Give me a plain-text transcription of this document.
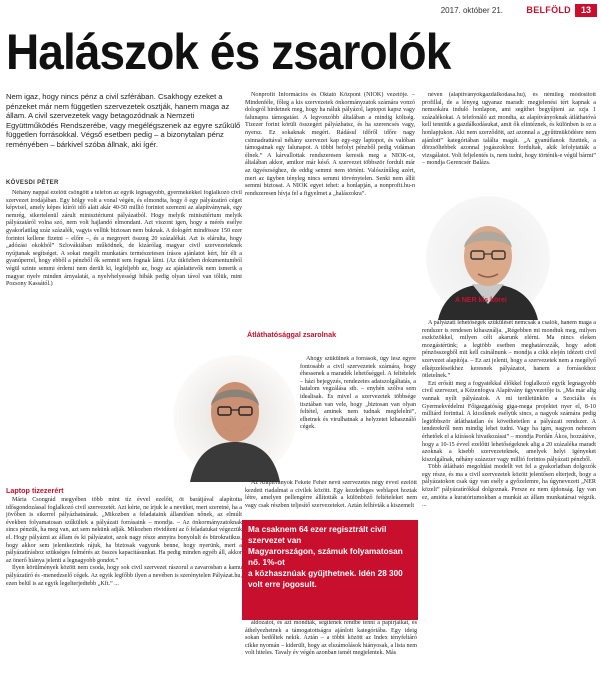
2017. október 21.	BELFÖLD	13
Halászok és zsarolók
Nem igaz, hogy nincs pénz a civil szférában. Csakhogy ezeket a pénzeket már nem független szervezetek osztják, hanem maga az állam. A civil szervezetek vagy betagozódnak a Nemzeti Együttműködés Rendszerébe, vagy megélégszenek az egyre szűkülő független forrásokkal. Végső esetben pedig – a bizonytalan pénz reményében – bárkivel szóba állnak, aki ígér.
KÖVESDI PÉTER

Néhány nappal ezelőtt csöngött a telefon az egyik legnagyobb, gyermekekkel foglalkozó civil szervezet irodájában. Egy hölgy volt a vonal végén, és elmondta, hogy ő egy pályázatíró céget képvisel, amely képes kiírói idő alatt akár 40-50 millió forintot szerezni az alapítványnak, egy nemrég, sikertelenül zárult minisztériumi pályázatból. Hogy melyik minisztérium melyik pályázatáról volna szó, nem volt hajlandó elmondani. Azt viszont igen, hogy a mérés esélye gyakorlatilag száz százalék, vagyis vellük biztosan nem buknak. A dologért mindössze 150 ezer forintot kellene fizetni – előre –, és a megnyert összeg 20 százalékát. Azt is elárulta, hogy „adózási okokból” Szlovákiában működnek, de kizárólag magyar civil szervezeteknek nyújtanak segítséget. A sokat megélt munkatárs természetesen írásos ajánlatot kért, hír élt a gyanúperrel, hogy ebből a pénzből ők semmit sem fognak látni. (Az útközben dokumentumból végül szinte semmi érdemi nem derült ki, legfeljebb az, hogy az ajánlattevők nem ismerik a magyar nyelv minden árnyalatát, a nyelvhelyességi hibák pedig olyan távol van tőlük, mint Pozsony Kassától.)

Laptop tizezerért

Mária Csongrád megyében több mint tíz évvel ezelőtt, öt barátjával alapította idősgondozással foglalkozó civil szervezetét. Azt kérte, ne írjuk le a nevüket, mert szeretné, ha a jövőben is sikerrel pályázhatnának. „Mikozben a feladataink állandóan nőnek, az elmúlt években folyamatosan szűkültek a pályázati forrásaink – mondja. – Az önkormányzatoknak sincs pénzük, ha meg van, azt sem nekünk adják. Mikozben rövidíteni az ő feladatukat végezzük el. Hogy pályázni az állam és ki pályázatot, azok nagy része annyira bonyolult és bürokratikus, hogy akkor sem jelentkezünk rájuk, ha biztosak vagyunk benne, hogy nyerünk, mert a pályázatíráshoz szükséges felmérés az összes kapacitásunkat. Ha pedig minden egyéb áll, akkor az önerő hiánya jelenti a legnagyobb gondot.”

Ilyen körülmények között nem csoda, hogy sok civil szervezet rászorul a zavarosban a kamu pályázatíró és -menedzselő cégek. Az egyik legfőbb ilyen a nevében is szerénytelen Pályázat.hu, ezen belül is az egyik legelterjedtebb „Kft.” ...

Nonprofit Információs és Oktató Központ (NIOK) vezetője. – Mindenféle, főleg a kis szervezetek önkormányzatok számára vonzó dologról hirdetnek meg, hogy ha náluk pályázol, laptopot kapsz vagy falunapra támogatást. A legvonzóbb általában a mindig költség. Tizezer forint körüli összegért pályázhatsz, és ha szerencsés vagy, nyersz. Ez sokaknak megéri. Rádásul időről időre nagy csinnadrattával néhány szervezet kap egy-egy laptopot, és valóban támogatnak egy falunapot. A többi befolyt pénzből pedig vidáman élnek.” A kárvallottak rendszeresen keresik meg a NIOK-ot, általában akkor, amikor már késő. A szervezet többször fordult már az ügyészséghez, de eddig semmi nem történt. Valószínűleg azért, mert az ügyben tényleg nincs semmi törvénytelen. Senki nem állít semmi biztosat. A NIOK egyet tehet: a honlapján, a nonprofit.hu-n rendszeresen hívja fel a figyelmet a „halászokra”.

A NER kis körei
Átláthatósággal zsarolnak

Ahogy szűkülnek a források, úgy lesz egyre fontosabb a civil szervezetek számára, hogy éhessenek a maradék lehetőséggel. A feltételek – házi bejegyzés, rendezetes adatszolgáltatás, a hatalom vegzálása stb. – enyhén szólva sem idealisak. És mivel a szervezetek többsége tisztában van vele, hogy „biztosan van olyan feltétel, aminek nem tudnak megfelelni”, elhetnek és virulhatnak a helyzetet kihasználó cégek.

Az Alapítványok Fekete Fehér nevű szervezetés négy évvel ezelőtt kezdett riadalmat a civilek között. Egy kezdetleges weblapot hoztak létre, amelyen pellengérre állították a különböző feltételeket nem vagy csak részben teljesítő szervezeteket. Aztán felhívták a kiszemelt

Ma csaknem 64 ezer regisztrált civil szervezet van
Magyarországon, számuk folyamatosan nő. 1%-ot
a közhasznúak gyűjthetnek. Idén 28 300 volt erre jogosult.

áldozatot, és azt mondták, segítenek rendbe tenni a papírjaikat, és áthelyezhetnek a támogatottságra ajánlott kategóriába. Egy ideig sokan bedőltek nekik. Aztán – a többi között az Index tényfeltáró cikke nyomán – kiderült, hogy az elszámolások hiányosak, a lista nem volt hiteles. Tavaly év végén azonban ismét megjelentek. Más

néven (alapítványokgazdálkodasa.hu), és némileg módosított profillal, de a lényeg ugyanaz maradt: megjelenési tért kapnak a nemsokára induló honlapon, ami segíthet begyűjteni az szja 1 százalékokat. A telefonáló azt mondta, az alapítványoknak átláthatóvá kell tenniük a gazdálkodásukat, amit ők elintéznek, és különben is ez a honlapjukon. Aki nem szerződött, azt azonnal a „gyűttmüködésre nem ajánlott” kategóriában találta magát. „A gyanútlanok fizettek, a dörzsöltebbek azonnal jogászokhoz fordultak, akik lefolytatták a vizsgálatot. Volt feljelentés is, nem tudni, hogy történik-e végül bármi” – mondja Gerencsér Balázs.

A pályázati lehetőségek szűkülését nemcsak a csalók, hanem maga a rendszer is rendesen kihasználja. „Régebben mi mondtuk meg, milyen eszközökkel, milyen célt akarunk elérni. Ma nincs eleken mozgástérünk; a legtöbb esetben meghatározzák, hogy adott pénzösszegből mit kell csinálnunk – mondja a cikk elején idézett civil szervezet alapítója. – Ez azt jelenti, hogy a szervezetek nem a megélyő elképzeléseikhez keresnek pályázatot, hanem a forrásokhoz ötletelnek.”

Ezt erősíti meg a fogyatékkal élőkkel foglalkozó egyik legnagyobb civil szervezet, a Kézenfogva Alapítvány ügyvezetője is. „Ma már alig vannak nyílt pályázatok. A mi területünkön a Szociális és Gyermekvédelmi Főigazgatóság giga-mega projektet nyer el, 8-10 milliárd forinttal. A kicsiknek esélyük sincs, a nagyok számára pedig legtöbbször átláthatatlan és követhetetlen a pályázati rendszer. A tenderekről nem mindig lehet tudni. Vagy ha igen, nagyon nehezen érhetőek el a kiírások hivatkozásai” – mondja Pordán Ákos, hozzátéve, hogy a 10-15 évvel ezelőtti lehetőségeknek alig a 20 százaléka maradt azoknak a kisebb szervezeteknek, amelyek helyi igényeket kiszolgálnak, néhány százezer vagy millió forintos pályázati pénzből.

Több átlátható megoldási modellt vet fel a gyakorlatban dolgozók egy része, és ma a civil szervezetek között jelentősen elterjedt, hogy a pályázatokon csak úgy van esély a győzelemre, ha úgynevezett „NER közeli” pályázatírókkal dolgoznak. Persze ez nem újdonság. Így van ez, amióta a kuratóriumokban a munkát az állam munkatársai végzik. ...
